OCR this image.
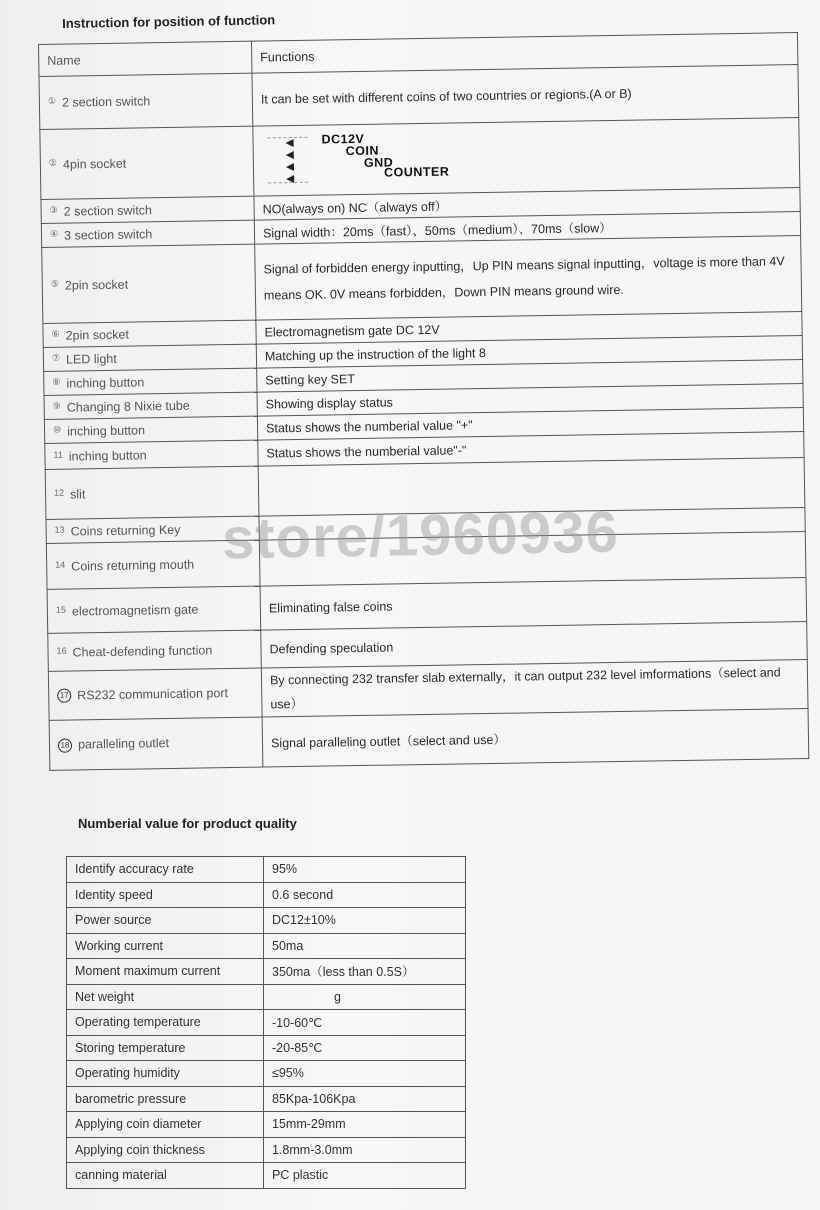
Instruction for position of function
Name	Functions
① 2 section switch	It can be set with different coins of two countries or regions.(A or B)
② 4pin socket	DC12V
COIN
GND
COUNTER

③ 2 section switch	NO(always on) NC（always off）
④ 3 section switch	Signal width：20ms（fast）、50ms（medium）、70ms（slow）
⑤ 2pin socket	Signal of forbidden energy inputting，Up PIN means signal inputting，voltage is more than 4V means OK. 0V means forbidden，Down PIN means ground wire.
⑥ 2pin socket	Electromagnetism gate DC 12V
⑦ LED light	Matching up the instruction of the light 8
⑧ inching button	Setting key SET
⑨ Changing 8 Nixie tube	Showing display status
⑩ inching button	Status shows the numberial value "+"
11 inching button	Status shows the numberial value"-"
12 slit	
13 Coins returning Key	
14 Coins returning mouth	
15 electromagnetism gate	Eliminating false coins
16 Cheat-defending function	Defending speculation
17 RS232 communication port	By connecting 232 transfer slab externally，it can output 232 level imformations（select and use）
18 paralleling outlet	Signal paralleling outlet（select and use）
store/1960936
Numberial value for product quality
Identify accuracy rate	95%
Identity speed	0.6 second
Power source	DC12±10%
Working current	50ma
Moment maximum current	350ma（less than 0.5S）
Net weight	g
Operating temperature	-10-60℃
Storing temperature	-20-85℃
Operating humidity	≤95%
barometric pressure	85Kpa-106Kpa
Applying coin diameter	15mm-29mm
Applying coin thickness	1.8mm-3.0mm
canning material	PC plastic
